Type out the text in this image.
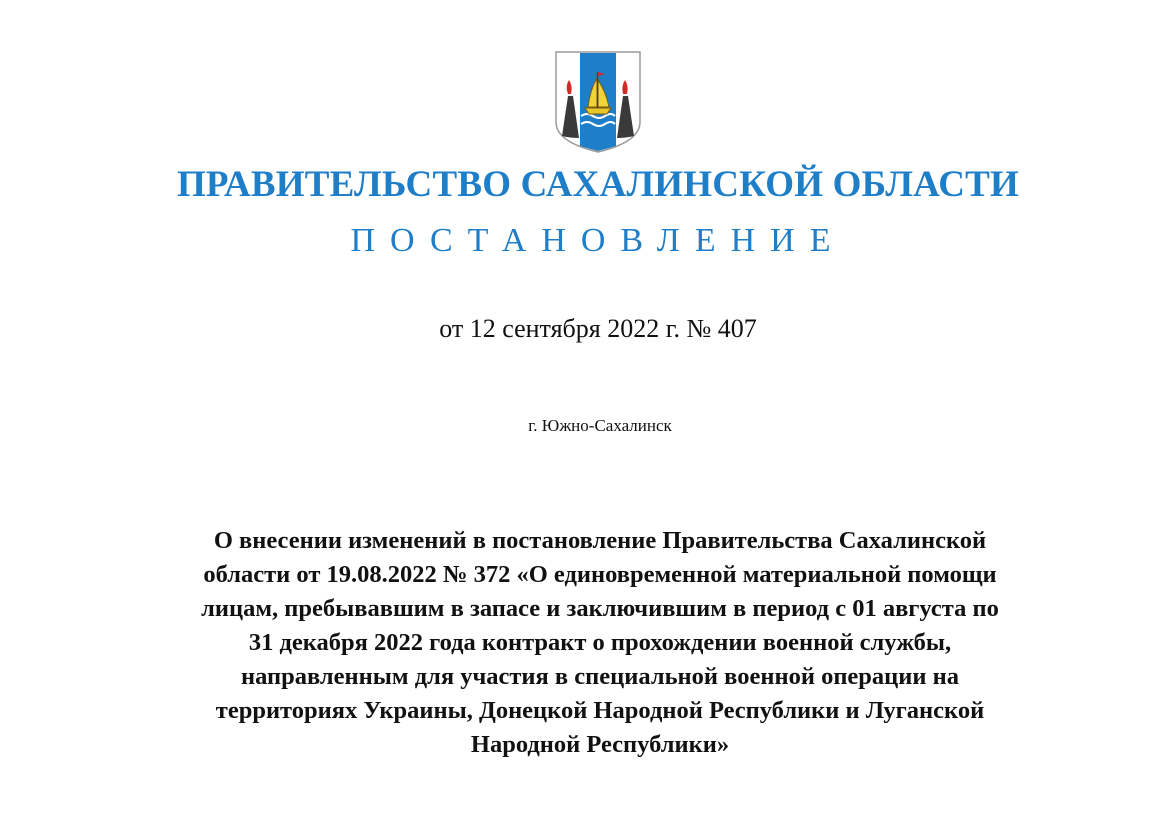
ПРАВИТЕЛЬСТВО САХАЛИНСКОЙ ОБЛАСТИ
ПОСТАНОВЛЕНИЕ
от 12 сентября 2022 г. № 407
г. Южно-Сахалинск
О внесении изменений в постановление Правительства Сахалинской
области от 19.08.2022 № 372 «О единовременной материальной помощи
лицам, пребывавшим в запасе и заключившим в период с 01 августа по
31 декабря 2022 года контракт о прохождении военной службы,
направленным для участия в специальной военной операции на
территориях Украины, Донецкой Народной Республики и Луганской
Народной Республики»
